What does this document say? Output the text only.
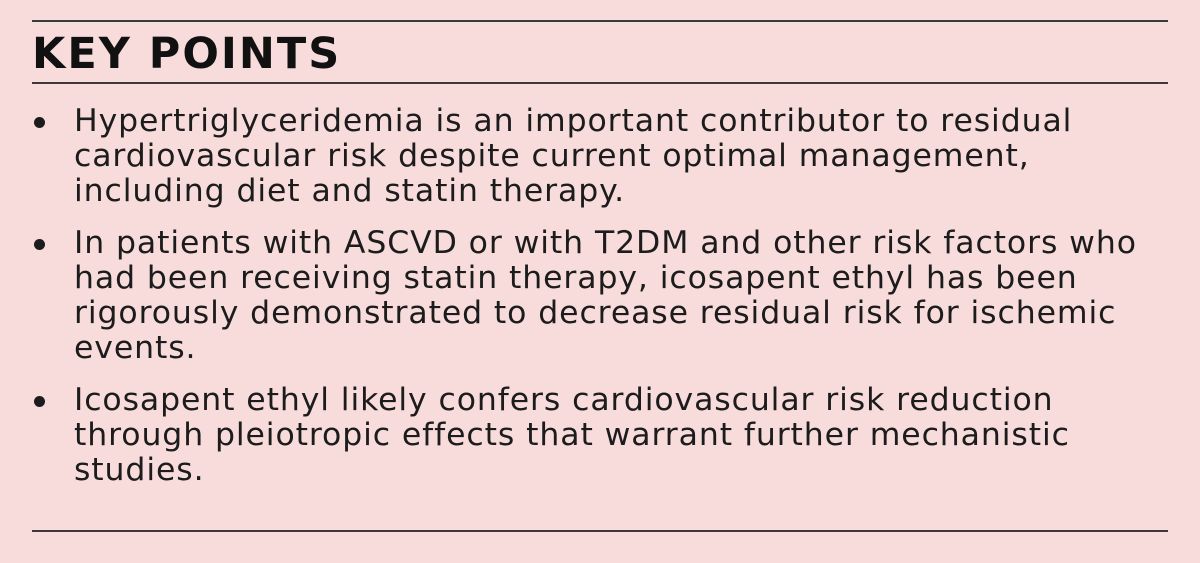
KEY POINTS
Hypertriglyceridemia is an important contributor to residual cardiovascular risk despite current optimal management, including diet and statin therapy.
In patients with ASCVD or with T2DM and other risk factors who had been receiving statin therapy, icosapent ethyl has been rigorously demonstrated to decrease residual risk for ischemic events.
Icosapent ethyl likely confers cardiovascular risk reduction through pleiotropic effects that warrant further mechanistic studies.
